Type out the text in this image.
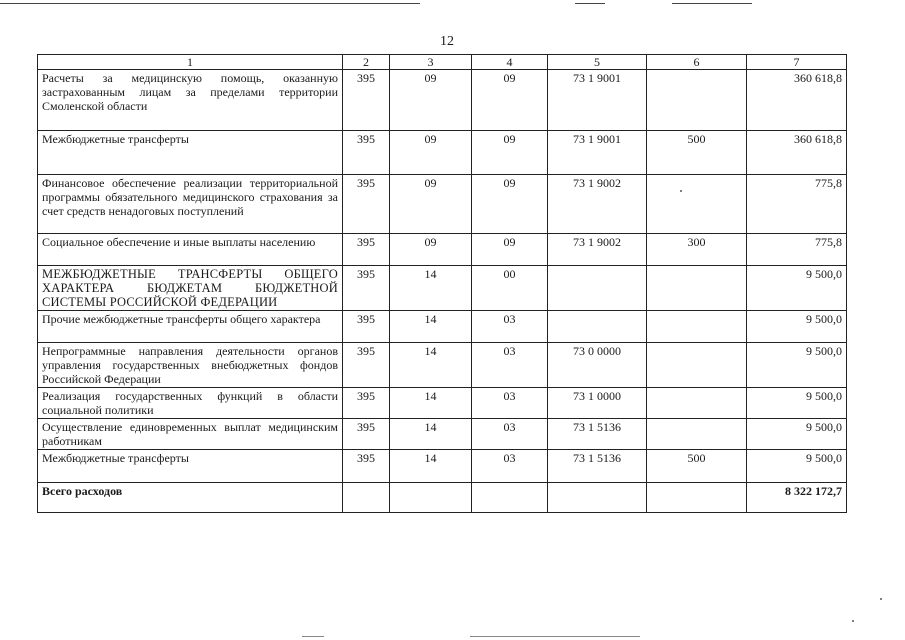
12
1	2	3	4	5	6	7
Расчеты за медицинскую помощь, оказанную застрахованным лицам за пределами территории Смоленской области	395	09	09	73 1 9001		360 618,8
Межбюджетные трансферты	395	09	09	73 1 9001	500	360 618,8
Финансовое обеспечение реализации территориальной программы обязательного медицинского страхования за счет средств ненадоговых поступлений	395	09	09	73 1 9002		775,8
Социальное обеспечение и иные выплаты населению	395	09	09	73 1 9002	300	775,8
МЕЖБЮДЖЕТНЫЕ ТРАНСФЕРТЫ ОБЩЕГО ХАРАКТЕРА БЮДЖЕТАМ БЮДЖЕТНОЙ СИСТЕМЫ РОССИЙСКОЙ ФЕДЕРАЦИИ	395	14	00			9 500,0
Прочие межбюджетные трансферты общего характера	395	14	03			9 500,0
Непрограммные направления деятельности органов управления государственных внебюджетных фондов Российской Федерации	395	14	03	73 0 0000		9 500,0
Реализация государственных функций в области социальной политики	395	14	03	73 1 0000		9 500,0
Осуществление единовременных выплат медицинским работникам	395	14	03	73 1 5136		9 500,0
Межбюджетные трансферты	395	14	03	73 1 5136	500	9 500,0
Всего расходов						8 322 172,7
